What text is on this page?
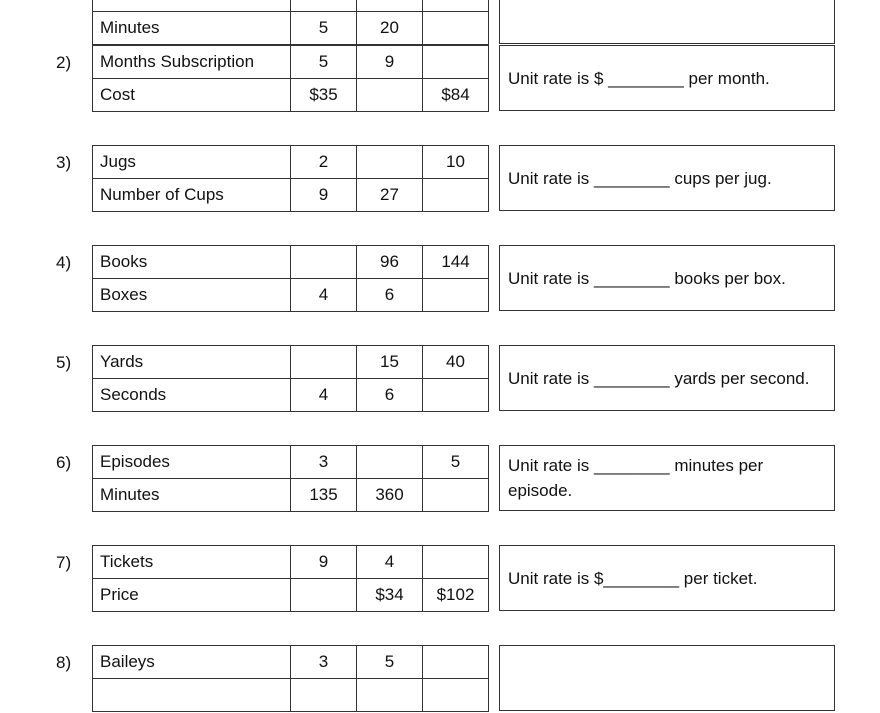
Minutes	5	20	
2)	Months Subscription	5	9	
Cost	$35		$84
Unit rate is $ ________ per month.
3)	Jugs	2		10
Number of Cups	9	27	
Unit rate is ________ cups per jug.
4)	Books		96	144
Boxes	4	6	
Unit rate is ________ books per box.
5)	Yards		15	40
Seconds	4	6	
Unit rate is ________ yards per second.
6)	Episodes	3		5
Minutes	135	360	
Unit rate is ________ minutes per episode.
7)	Tickets	9	4	
Price		$34	$102
Unit rate is $________ per ticket.
8)	Baileys	3	5	
